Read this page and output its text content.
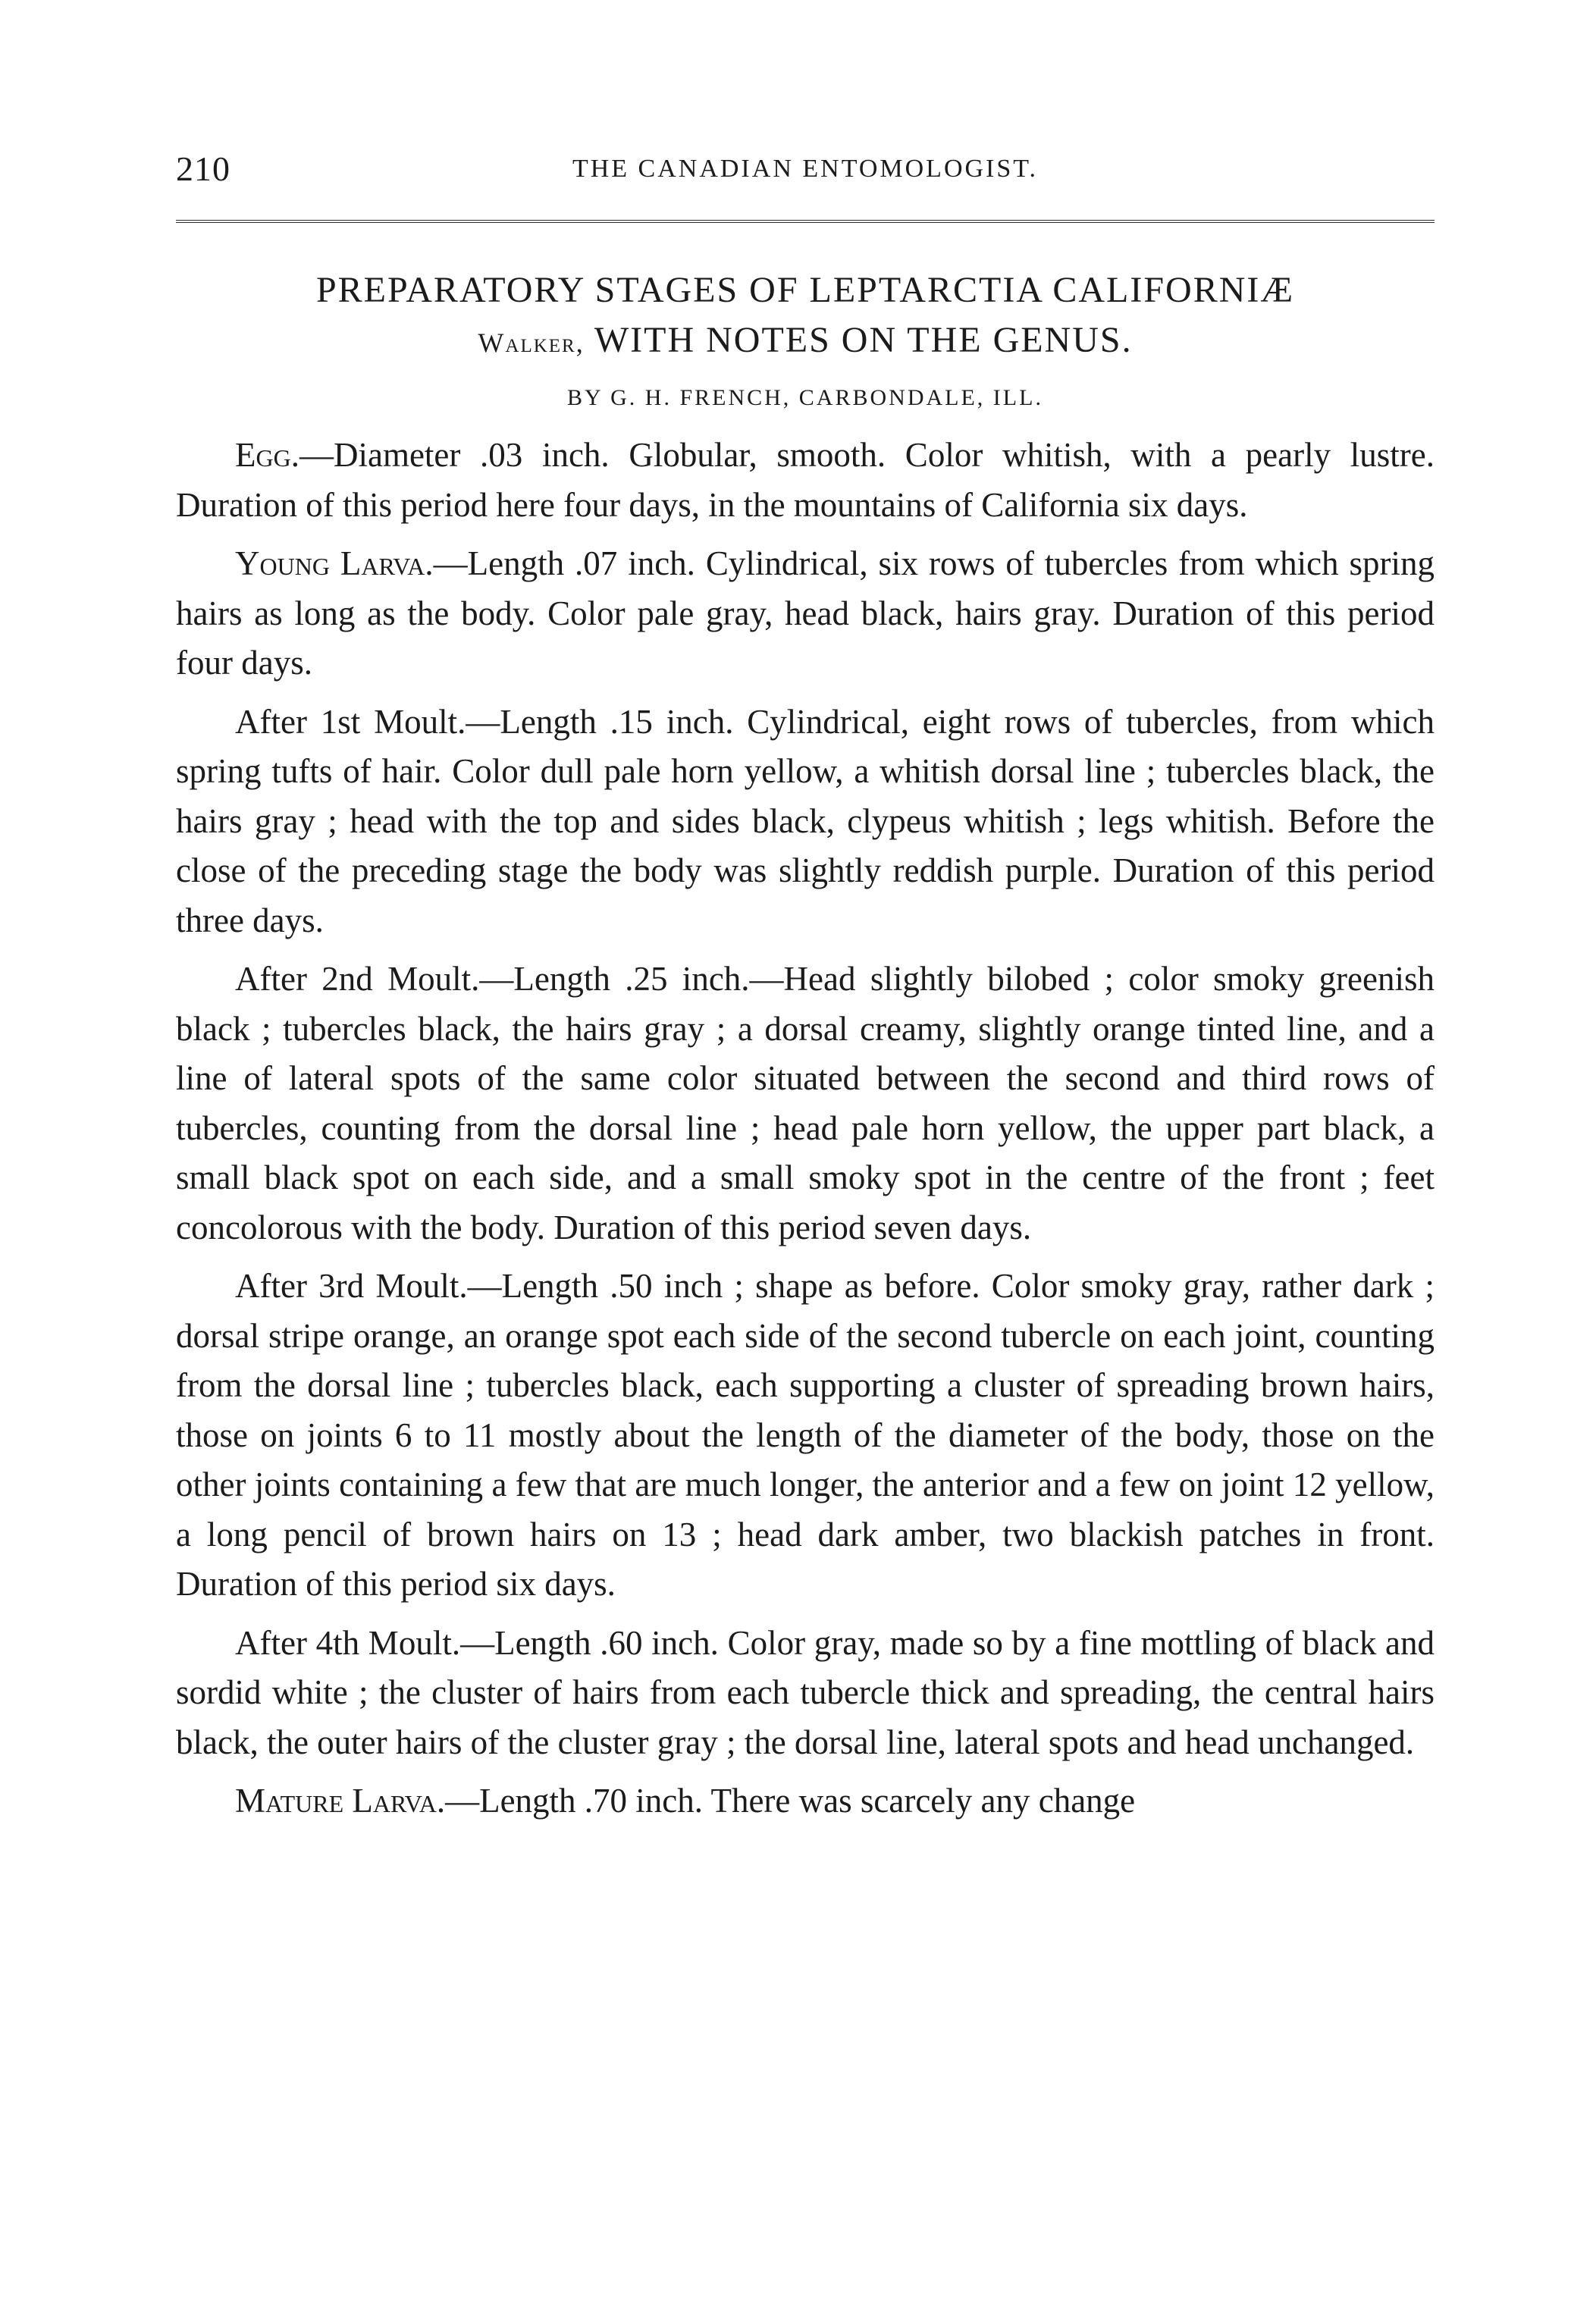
210	THE CANADIAN ENTOMOLOGIST.
PREPARATORY STAGES OF LEPTARCTIA CALIFORNIÆ
Walker, WITH NOTES ON THE GENUS.
BY G. H. FRENCH, CARBONDALE, ILL.

Egg.—Diameter .03 inch. Globular, smooth. Color whitish, with a pearly lustre. Duration of this period here four days, in the mountains of California six days.

Young Larva.—Length .07 inch. Cylindrical, six rows of tubercles from which spring hairs as long as the body. Color pale gray, head black, hairs gray. Duration of this period four days.

After 1st Moult.—Length .15 inch. Cylindrical, eight rows of tubercles, from which spring tufts of hair. Color dull pale horn yellow, a whitish dorsal line ; tubercles black, the hairs gray ; head with the top and sides black, clypeus whitish ; legs whitish. Before the close of the preceding stage the body was slightly reddish purple. Duration of this period three days.

After 2nd Moult.—Length .25 inch.—Head slightly bilobed ; color smoky greenish black ; tubercles black, the hairs gray ; a dorsal creamy, slightly orange tinted line, and a line of lateral spots of the same color situated between the second and third rows of tubercles, counting from the dorsal line ; head pale horn yellow, the upper part black, a small black spot on each side, and a small smoky spot in the centre of the front ; feet concolorous with the body. Duration of this period seven days.

After 3rd Moult.—Length .50 inch ; shape as before. Color smoky gray, rather dark ; dorsal stripe orange, an orange spot each side of the second tubercle on each joint, counting from the dorsal line ; tubercles black, each supporting a cluster of spreading brown hairs, those on joints 6 to 11 mostly about the length of the diameter of the body, those on the other joints containing a few that are much longer, the anterior and a few on joint 12 yellow, a long pencil of brown hairs on 13 ; head dark amber, two blackish patches in front. Duration of this period six days.

After 4th Moult.—Length .60 inch. Color gray, made so by a fine mottling of black and sordid white ; the cluster of hairs from each tubercle thick and spreading, the central hairs black, the outer hairs of the cluster gray ; the dorsal line, lateral spots and head unchanged.

Mature Larva.—Length .70 inch. There was scarcely any change
